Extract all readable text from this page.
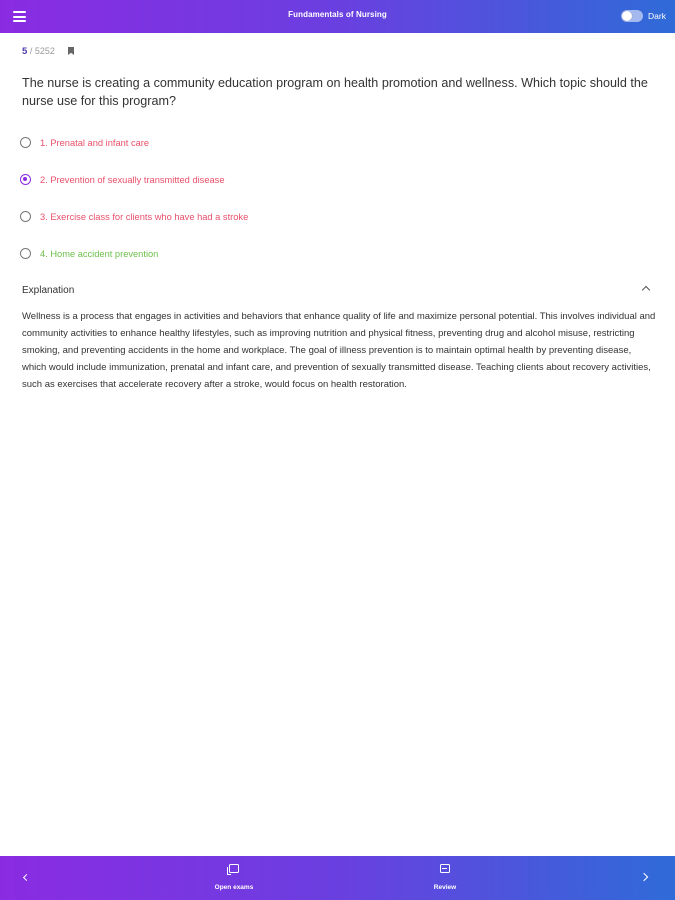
Fundamentals of Nursing	Dark
5 / 5252
The nurse is creating a community education program on health promotion and wellness. Which topic should the nurse use for this program?
1. Prenatal and infant care
2. Prevention of sexually transmitted disease
3. Exercise class for clients who have had a stroke
4. Home accident prevention
Explanation
Wellness is a process that engages in activities and behaviors that enhance quality of life and maximize personal potential. This involves individual and community activities to enhance healthy lifestyles, such as improving nutrition and physical fitness, preventing drug and alcohol misuse, restricting smoking, and preventing accidents in the home and workplace. The goal of illness prevention is to maintain optimal health by preventing disease, which would include immunization, prenatal and infant care, and prevention of sexually transmitted disease. Teaching clients about recovery activities, such as exercises that accelerate recovery after a stroke, would focus on health restoration.
Open exams	Review
